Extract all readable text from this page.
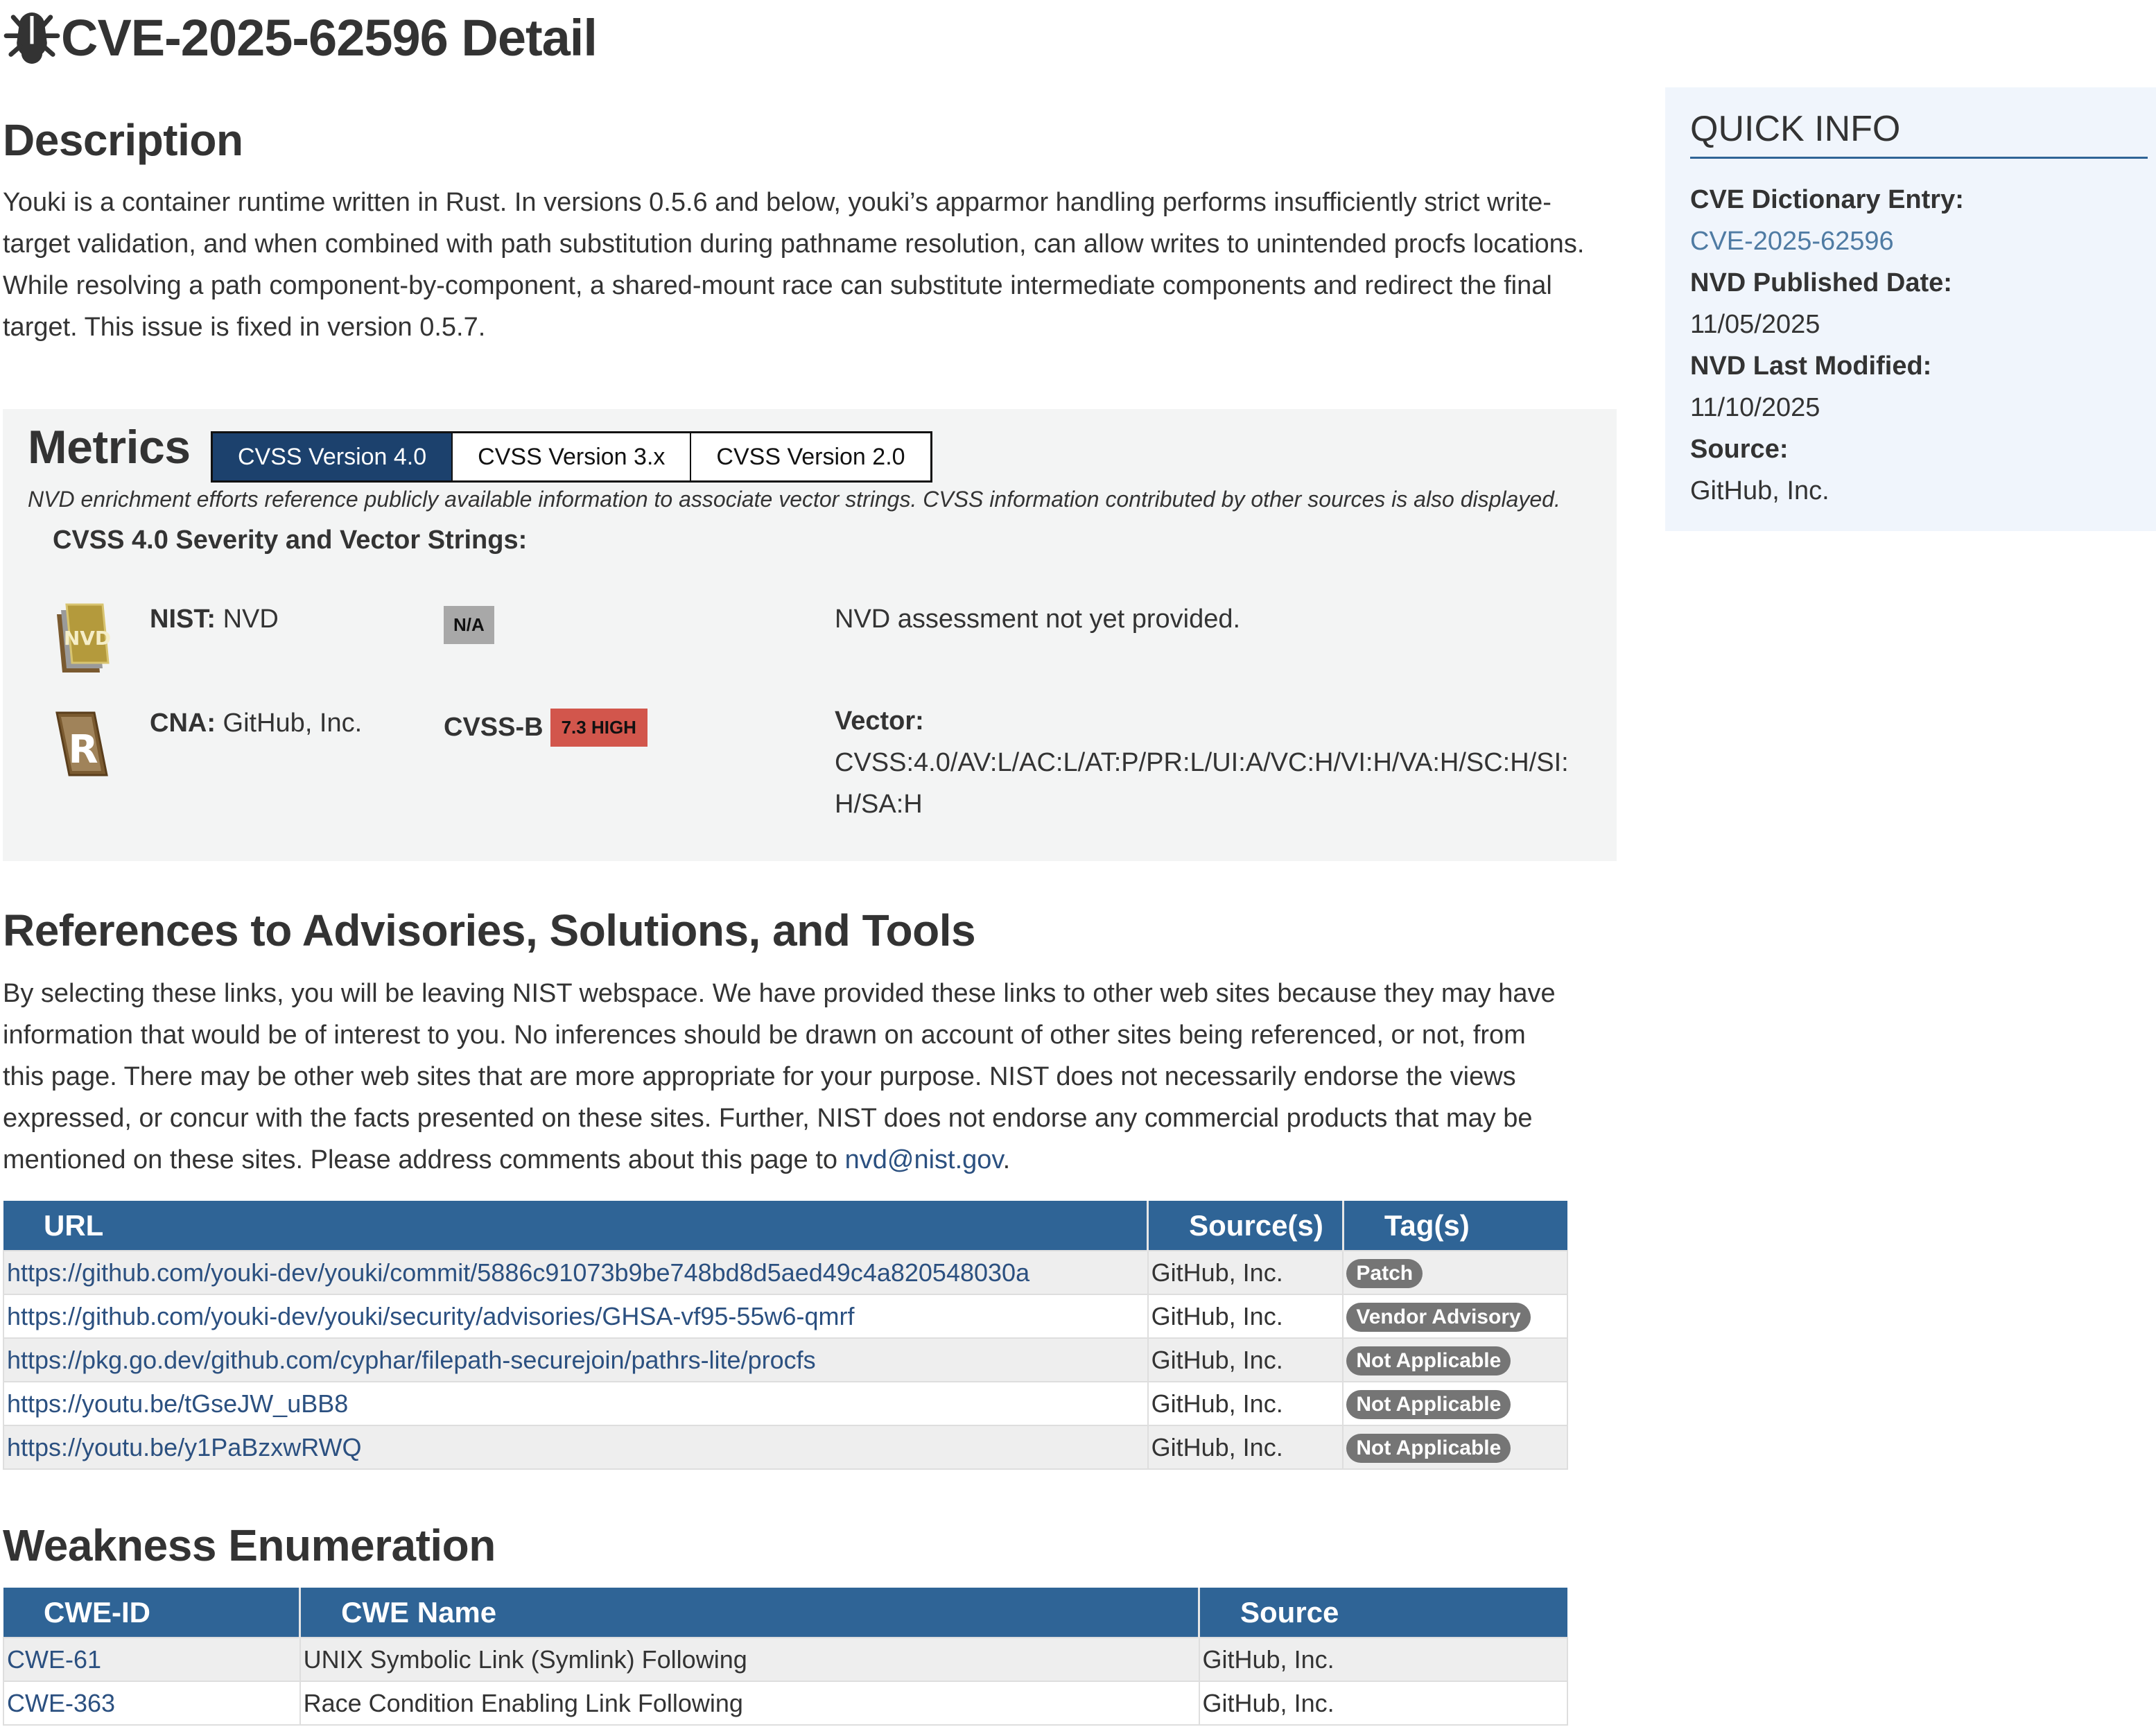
CVE-2025-62596 Detail
Description
Youki is a container runtime written in Rust. In versions 0.5.6 and below, youki’s apparmor handling performs insufficiently strict write-target validation, and when combined with path substitution during pathname resolution, can allow writes to unintended procfs locations. While resolving a path component-by-component, a shared-mount race can substitute intermediate components and redirect the final target. This issue is fixed in version 0.5.7.
Metrics	CVSS Version 4.0	CVSS Version 3.x	CVSS Version 2.0
NVD enrichment efforts reference publicly available information to associate vector strings. CVSS information contributed by other sources is also displayed.
CVSS 4.0 Severity and Vector Strings:
NVD
NIST: NVD	N/A	NVD assessment not yet provided.
R
CNA: GitHub, Inc.	CVSS-B	7.3 HIGH	Vector:
CVSS:4.0/AV:L/AC:L/AT:P/PR:L/UI:A/VC:H/VI:H/VA:H/SC:H/SI:H/SA:H
References to Advisories, Solutions, and Tools
By selecting these links, you will be leaving NIST webspace. We have provided these links to other web sites because they may have information that would be of interest to you. No inferences should be drawn on account of other sites being referenced, or not, from this page. There may be other web sites that are more appropriate for your purpose. NIST does not necessarily endorse the views expressed, or concur with the facts presented on these sites. Further, NIST does not endorse any commercial products that may be mentioned on these sites. Please address comments about this page to nvd@nist.gov.
URL	Source(s)	Tag(s)
https://github.com/youki-dev/youki/commit/5886c91073b9be748bd8d5aed49c4a820548030a	GitHub, Inc.	Patch
https://github.com/youki-dev/youki/security/advisories/GHSA-vf95-55w6-qmrf	GitHub, Inc.	Vendor Advisory
https://pkg.go.dev/github.com/cyphar/filepath-securejoin/pathrs-lite/procfs	GitHub, Inc.	Not Applicable
https://youtu.be/tGseJW_uBB8	GitHub, Inc.	Not Applicable
https://youtu.be/y1PaBzxwRWQ	GitHub, Inc.	Not Applicable
Weakness Enumeration
CWE-ID	CWE Name	Source
CWE-61	UNIX Symbolic Link (Symlink) Following	GitHub, Inc.
CWE-363	Race Condition Enabling Link Following	GitHub, Inc.
QUICK INFO
CVE Dictionary Entry:
CVE-2025-62596
NVD Published Date:
11/05/2025
NVD Last Modified:
11/10/2025
Source:
GitHub, Inc.
